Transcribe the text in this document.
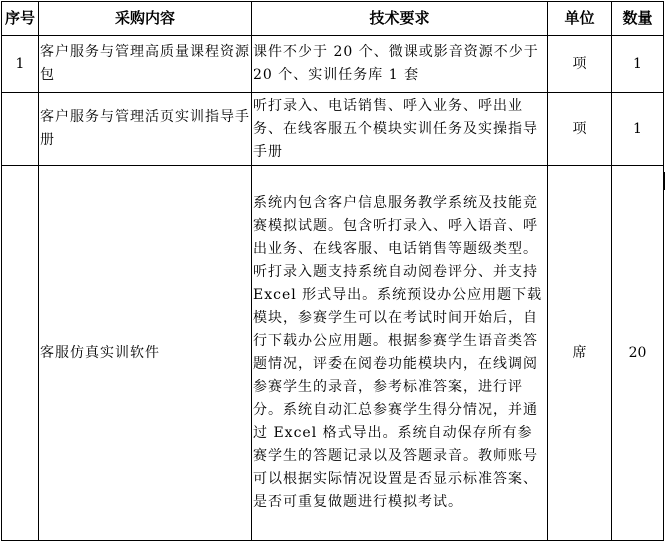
序号	采购内容	技术要求	单位	数量
1	客户服务与管理高质量课程资源包	课件不少于 20 个、微课或影音资源不少于 20 个、实训任务库 1 套	项	1
	客户服务与管理活页实训指导手册	听打录入、电话销售、呼入业务、呼出业务、在线客服五个模块实训任务及实操指导手册	项	1
	客服仿真实训软件	系统内包含客户信息服务教学系统及技能竞赛模拟试题。包含听打录入、呼入语音、呼出业务、在线客服、电话销售等题级类型。听打录入题支持系统自动阅卷评分、并支持 Excel 形式导出。系统预设办公应用题下载模块，参赛学生可以在考试时间开始后，自行下载办公应用题。根据参赛学生语音类答题情况，评委在阅卷功能模块内，在线调阅参赛学生的录音，参考标准答案，进行评分。系统自动汇总参赛学生得分情况，并通过 Excel 格式导出。系统自动保存所有参赛学生的答题记录以及答题录音。教师账号可以根据实际情况设置是否显示标准答案、是否可重复做题进行模拟考试。	席	20
